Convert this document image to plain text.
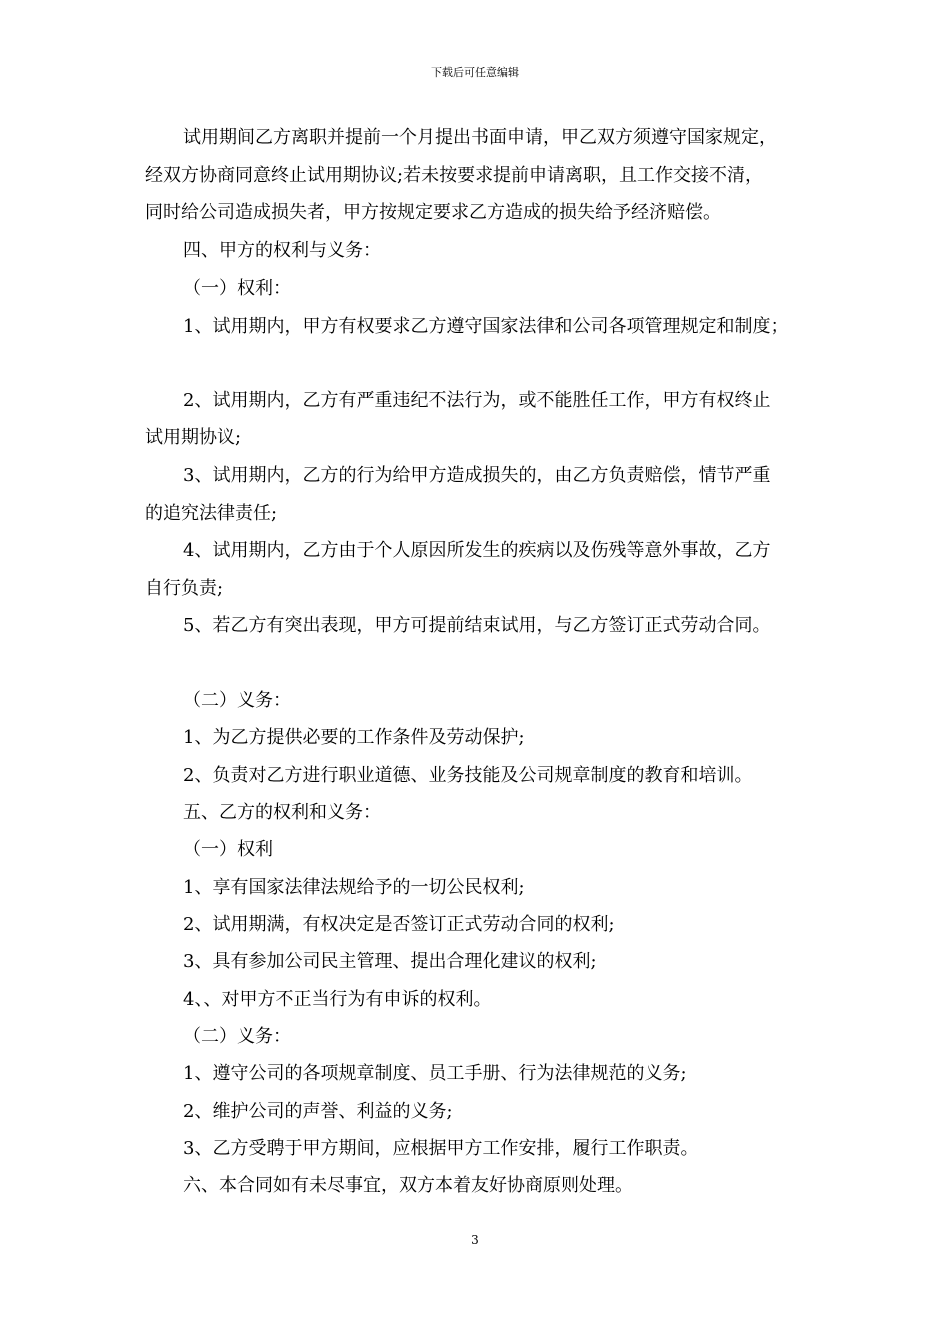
下载后可任意编辑
试用期间乙方离职并提前一个月提出书面申请，甲乙双方须遵守国家规定，
经双方协商同意终止试用期协议;若未按要求提前申请离职，且工作交接不清，
同时给公司造成损失者，甲方按规定要求乙方造成的损失给予经济赔偿。
四、甲方的权利与义务：
（一）权利：
1、试用期内，甲方有权要求乙方遵守国家法律和公司各项管理规定和制度；
2、试用期内，乙方有严重违纪不法行为，或不能胜任工作，甲方有权终止
试用期协议;
3、试用期内，乙方的行为给甲方造成损失的，由乙方负责赔偿，情节严重
的追究法律责任;
4、试用期内，乙方由于个人原因所发生的疾病以及伤残等意外事故，乙方
自行负责;
5、若乙方有突出表现，甲方可提前结束试用，与乙方签订正式劳动合同。
（二）义务：
1、为乙方提供必要的工作条件及劳动保护;
2、负责对乙方进行职业道德、业务技能及公司规章制度的教育和培训。
五、乙方的权利和义务：
（一）权利
1、享有国家法律法规给予的一切公民权利;
2、试用期满，有权决定是否签订正式劳动合同的权利;
3、具有参加公司民主管理、提出合理化建议的权利;
4、、对甲方不正当行为有申诉的权利。
（二）义务：
1、遵守公司的各项规章制度、员工手册、行为法律规范的义务;
2、维护公司的声誉、利益的义务;
3、乙方受聘于甲方期间，应根据甲方工作安排，履行工作职责。
六、本合同如有未尽事宜，双方本着友好协商原则处理。
3
